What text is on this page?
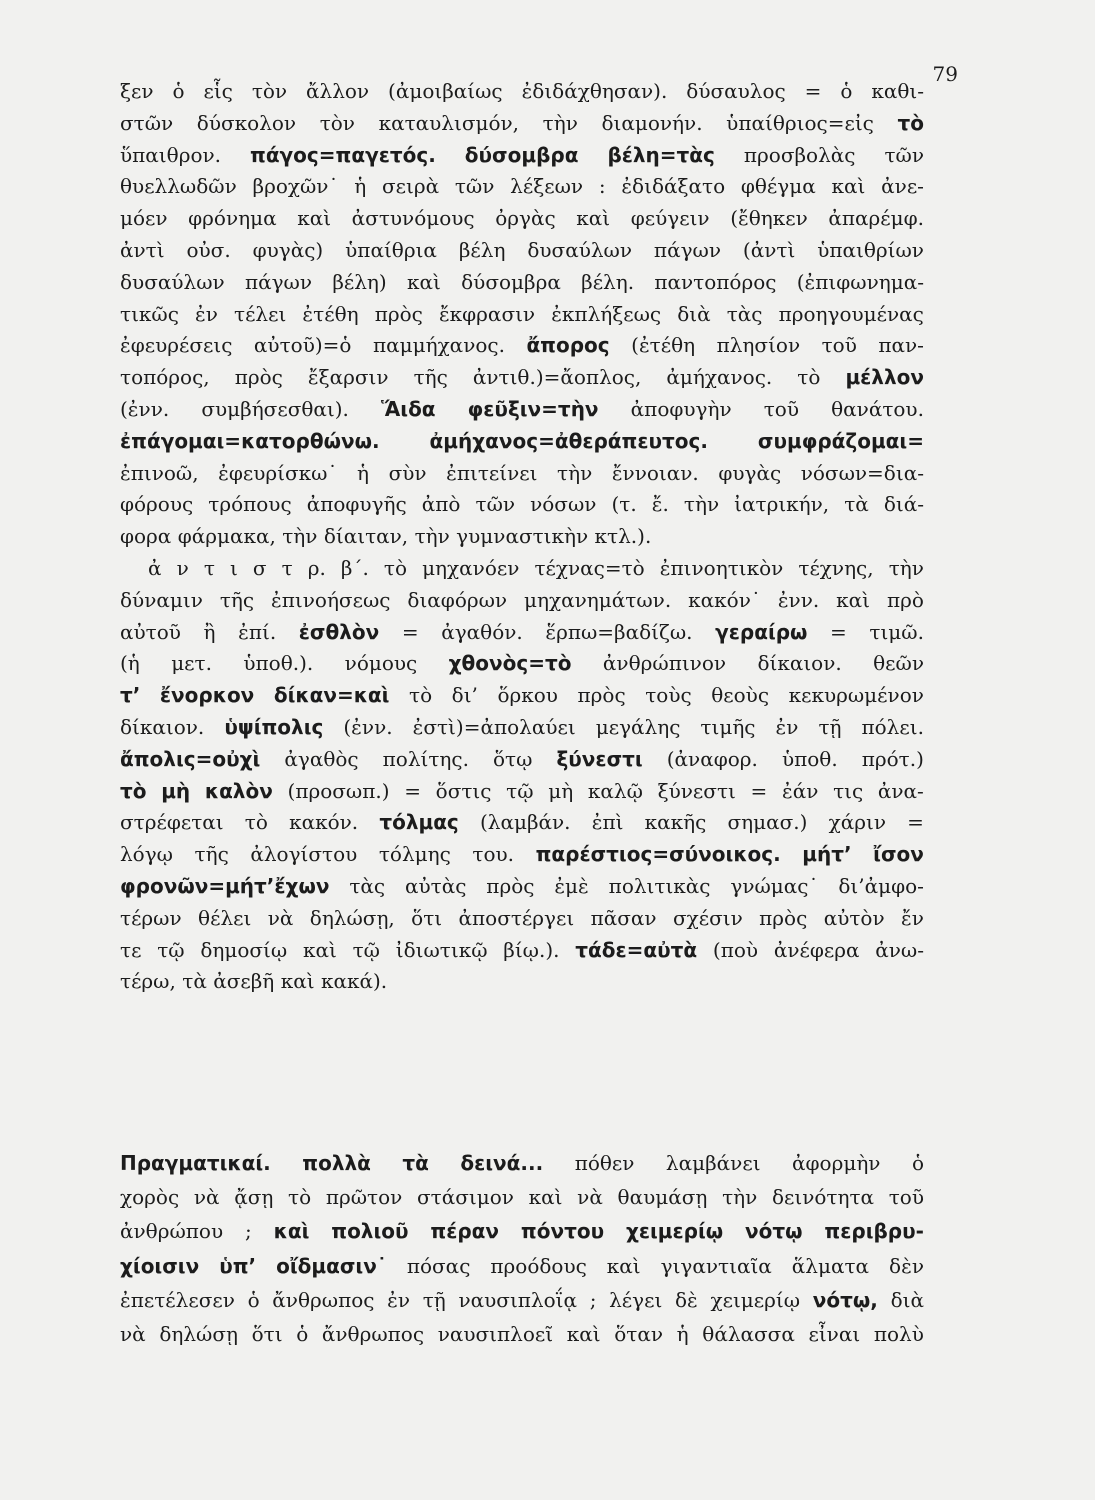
79
ξεν ὁ εἷς τὸν ἄλλον (ἀμοιβαίως ἐδιδάχθησαν). δύσαυλος = ὁ καθι-
στῶν δύσκολον τὸν καταυλισμόν, τὴν διαμονήν. ὑπαίθριος=εἰς τὸ
ὕπαιθρον. πάγος=παγετός. δύσομβρα βέλη=τὰς προσβολὰς τῶν
θυελλωδῶν βροχῶν˙ ἡ σειρὰ τῶν λέξεων : ἐδιδάξατο φθέγμα καὶ ἀνε-
μόεν φρόνημα καὶ ἀστυνόμους ὀργὰς καὶ φεύγειν (ἔθηκεν ἀπαρέμφ.
ἀντὶ οὐσ. φυγὰς) ὑπαίθρια βέλη δυσαύλων πάγων (ἀντὶ ὑπαιθρίων
δυσαύλων πάγων βέλη) καὶ δύσομβρα βέλη. παντοπόρος (ἐπιφωνημα-
τικῶς ἐν τέλει ἐτέθη πρὸς ἔκφρασιν ἐκπλήξεως διὰ τὰς προηγουμένας
ἐφευρέσεις αὐτοῦ)=ὁ παμμήχανος. ἄπορος (ἐτέθη πλησίον τοῦ παν-
τοπόρος, πρὸς ἔξαρσιν τῆς ἀντιθ.)=ἄοπλος, ἀμήχανος. τὸ μέλλον
(ἐνν. συμβήσεσθαι). Ἅιδα φεῦξιν=τὴν ἀποφυγὴν τοῦ θανάτου.
ἐπάγομαι=κατορθώνω. ἀμήχανος=ἀθεράπευτος. συμφράζομαι=
ἐπινοῶ, ἐφευρίσκω˙ ἡ σὺν ἐπιτείνει τὴν ἔννοιαν. φυγὰς νόσων=δια-
φόρους τρόπους ἀποφυγῆς ἀπὸ τῶν νόσων (τ. ἔ. τὴν ἰατρικήν, τὰ διά-
φορα φάρμακα, τὴν δίαιταν, τὴν γυμναστικὴν κτλ.).
ἀ ν τ ι σ τ ρ. β΄. τὸ μηχανόεν τέχνας=τὸ ἐπινοητικὸν τέχνης, τὴν
δύναμιν τῆς ἐπινοήσεως διαφόρων μηχανημάτων. κακόν˙ ἐνν. καὶ πρὸ
αὐτοῦ ἢ ἐπί. ἐσθλὸν = ἀγαθόν. ἕρπω=βαδίζω. γεραίρω = τιμῶ.
(ἡ μετ. ὑποθ.). νόμους χθονὸς=τὸ ἀνθρώπινον δίκαιον. θεῶν
τ’ ἔνορκον δίκαν=καὶ τὸ δι’ ὅρκου πρὸς τοὺς θεοὺς κεκυρωμένον
δίκαιον. ὑψίπολις (ἐνν. ἐστὶ)=ἀπολαύει μεγάλης τιμῆς ἐν τῇ πόλει.
ἄπολις=οὐχὶ ἀγαθὸς πολίτης. ὅτῳ ξύνεστι (ἀναφορ. ὑποθ. πρότ.)
τὸ μὴ καλὸν (προσωπ.) = ὅστις τῷ μὴ καλῷ ξύνεστι = ἐάν τις ἀνα-
στρέφεται τὸ κακόν. τόλμας (λαμβάν. ἐπὶ κακῆς σημασ.) χάριν =
λόγῳ τῆς ἀλογίστου τόλμης του. παρέστιος=σύνοικος. μήτ’ ἴσον
φρονῶν=μήτ’ἔχων τὰς αὐτὰς πρὸς ἐμὲ πολιτικὰς γνώμας˙ δι’ἀμφο-
τέρων θέλει νὰ δηλώσῃ, ὅτι ἀποστέργει πᾶσαν σχέσιν πρὸς αὐτὸν ἔν
τε τῷ δημοσίῳ καὶ τῷ ἰδιωτικῷ βίῳ.). τάδε=αὐτὰ (ποὺ ἀνέφερα ἀνω-
τέρω, τὰ ἀσεβῆ καὶ κακά).
Πραγματικαί. πολλὰ τὰ δεινά... πόθεν λαμβάνει ἀφορμὴν ὁ
χορὸς νὰ ᾄσῃ τὸ πρῶτον στάσιμον καὶ νὰ θαυμάσῃ τὴν δεινότητα τοῦ
ἀνθρώπου ; καὶ πολιοῦ πέραν πόντου χειμερίῳ νότῳ περιβρυ-
χίοισιν ὑπ’ οἴδμασιν˙ πόσας προόδους καὶ γιγαντιαῖα ἅλματα δὲν
ἐπετέλεσεν ὁ ἄνθρωπος ἐν τῇ ναυσιπλοΐᾳ ; λέγει δὲ χειμερίῳ νότῳ, διὰ
νὰ δηλώσῃ ὅτι ὁ ἄνθρωπος ναυσιπλοεῖ καὶ ὅταν ἡ θάλασσα εἶναι πολὺ
